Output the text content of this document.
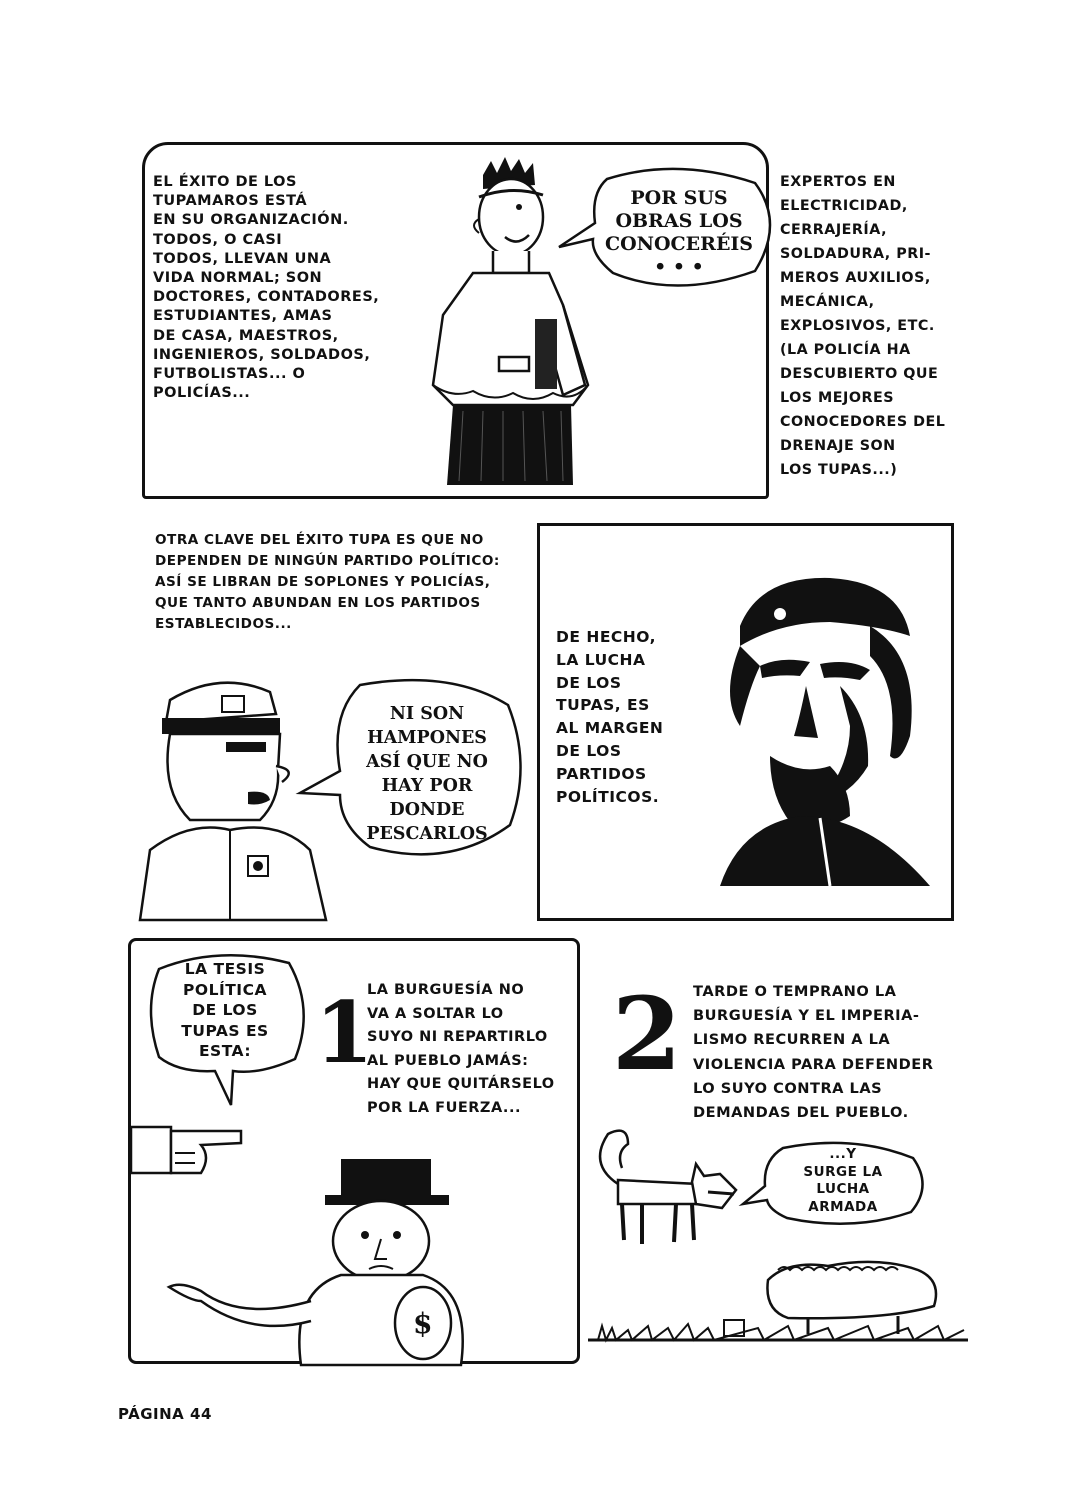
EL ÉXITO DE LOS
TUPAMAROS ESTÁ
EN SU ORGANIZACIÓN.
TODOS, O CASI
TODOS, LLEVAN UNA
VIDA NORMAL; SON
DOCTORES, CONTADORES,
ESTUDIANTES, AMAS
DE CASA, MAESTROS,
INGENIEROS, SOLDADOS,
FUTBOLISTAS... O
POLICÍAS...
POR SUS
OBRAS LOS
CONOCERÉIS
• • •
EXPERTOS EN
ELECTRICIDAD,
CERRAJERÍA,
SOLDADURA, PRI-
MEROS AUXILIOS,
MECÁNICA,
EXPLOSIVOS, ETC.
(LA POLICÍA HA
DESCUBIERTO QUE
LOS MEJORES
CONOCEDORES DEL
DRENAJE SON
LOS TUPAS...)
OTRA CLAVE DEL ÉXITO TUPA ES QUE NO
DEPENDEN DE NINGÚN PARTIDO POLÍTICO:
ASÍ SE LIBRAN DE SOPLONES Y POLICÍAS,
QUE TANTO ABUNDAN EN LOS PARTIDOS
ESTABLECIDOS...
NI SON
HAMPONES
ASÍ QUE NO
HAY POR
DONDE PESCARLOS
DE HECHO,
LA LUCHA
DE LOS
TUPAS, ES
AL MARGEN
DE LOS
PARTIDOS
POLÍTICOS.
LA TESIS
POLÍTICA
DE LOS
TUPAS ES
ESTA: 1
LA BURGUESÍA NO
VA A SOLTAR LO
SUYO NI REPARTIRLO
AL PUEBLO JAMÁS:
HAY QUE QUITÁRSELO
POR LA FUERZA...
$
2 TARDE O TEMPRANO LA
BURGUESÍA Y EL IMPERIA-
LISMO RECURREN A LA
VIOLENCIA PARA DEFENDER
LO SUYO CONTRA LAS
DEMANDAS DEL PUEBLO.
...Y
SURGE LA
LUCHA
ARMADA
PÁGINA 44
